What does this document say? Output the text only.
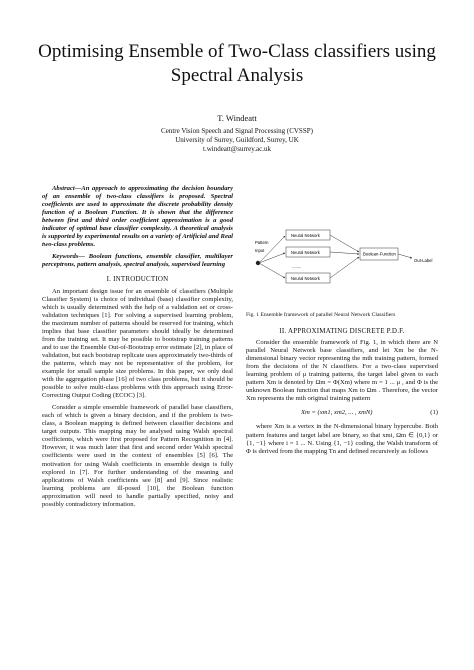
Optimising Ensemble of Two-Class classifiers using Spectral Analysis
T. Windeatt
Centre Vision Speech and Signal Processing (CVSSP)
University of Surrey, Guildford, Surrey, UK
t.windeatt@surrey.ac.uk

Abstract—An approach to approximating the decision boundary of an ensemble of two-class classifiers is proposed. Spectral coefficients are used to approximate the discrete probability density function of a Boolean Function. It is shown that the difference between first and third order coefficient approximation is a good indicator of optimal base classifier complexity. A theoretical analysis is supported by experimental results on a variety of Artificial and Real two-class problems.

Keywords— Boolean functions, ensemble classifier, multilayer perceptrons, pattern analysis, spectral analysis, supervised learning

I. INTRODUCTION

An important design issue for an ensemble of classifiers (Multiple Classifier System) is choice of individual (base) classifier complexity, which is usually determined with the help of a validation set or cross-validation techniques [1]. For solving a supervised learning problem, the maximum number of patterns should be reserved for training, which implies that base classifier parameters should ideally be determined from the training set. It may be possible to bootstrap training patterns and to use the Ensemble Out-of-Bootstrap error estimate [2], in place of validation, but each bootstrap replicate uses approximately two-thirds of the patterns, which may not be representative of the problem, for example for small sample size problems. In this paper, we only deal with the aggregation phase [16] of two class problems, but it should be possible to solve multi-class problems with this approach using Error-Correcting Output Coding (ECOC) [3].

Consider a simple ensemble framework of parallel base classifiers, each of which is given a binary decision, and if the problem is two-class, a Boolean mapping is defined between classifier decisions and target outputs. This mapping may be analysed using Walsh spectral coefficients, which were first proposed for Pattern Recognition in [4]. However, it was much later that first and second order Walsh spectral coefficients were used in the context of ensembles [5] [6]. The motivation for using Walsh coefficients in ensemble design is fully explored in [7]. For further understanding of the meaning and applications of Walsh coefficients see [8] and [9]. Since realistic learning problems are ill-posed [10], the Boolean function approximation will need to handle partially specified, noisy and possibly contradictory information.

Pattern
Input
Neural Network
Neural Network
........
Neural Network
Boolean-Function
Out-Label

Fig. 1 Ensemble framework of parallel Neural Network Classifiers

II. APPROXIMATING DISCRETE P.D.F.

Consider the ensemble framework of Fig. 1, in which there are N parallel Neural Network base classifiers, and let Xm be the N-dimensional binary vector representing the mth training pattern, formed from the decisions of the N classifiers. For a two-class supervised learning problem of μ training patterns, the target label given to each pattern Xm is denoted by Ωm = Φ(Xm) where m = 1 ... μ , and Φ is the unknown Boolean function that maps Xm to Ωm . Therefore, the vector Xm represents the mth original training pattern

Xm = (xm1, xm2, ... , xmN)	(1)

where Xm is a vertex in the N-dimensional binary hypercube. Both pattern features and target label are binary, so that xmi, Ωm ∈ {0,1} or {1, −1} where i = 1 ... N. Using {1, −1} coding, the Walsh transform of Φ is derived from the mapping Tn and defined recursively as follows
